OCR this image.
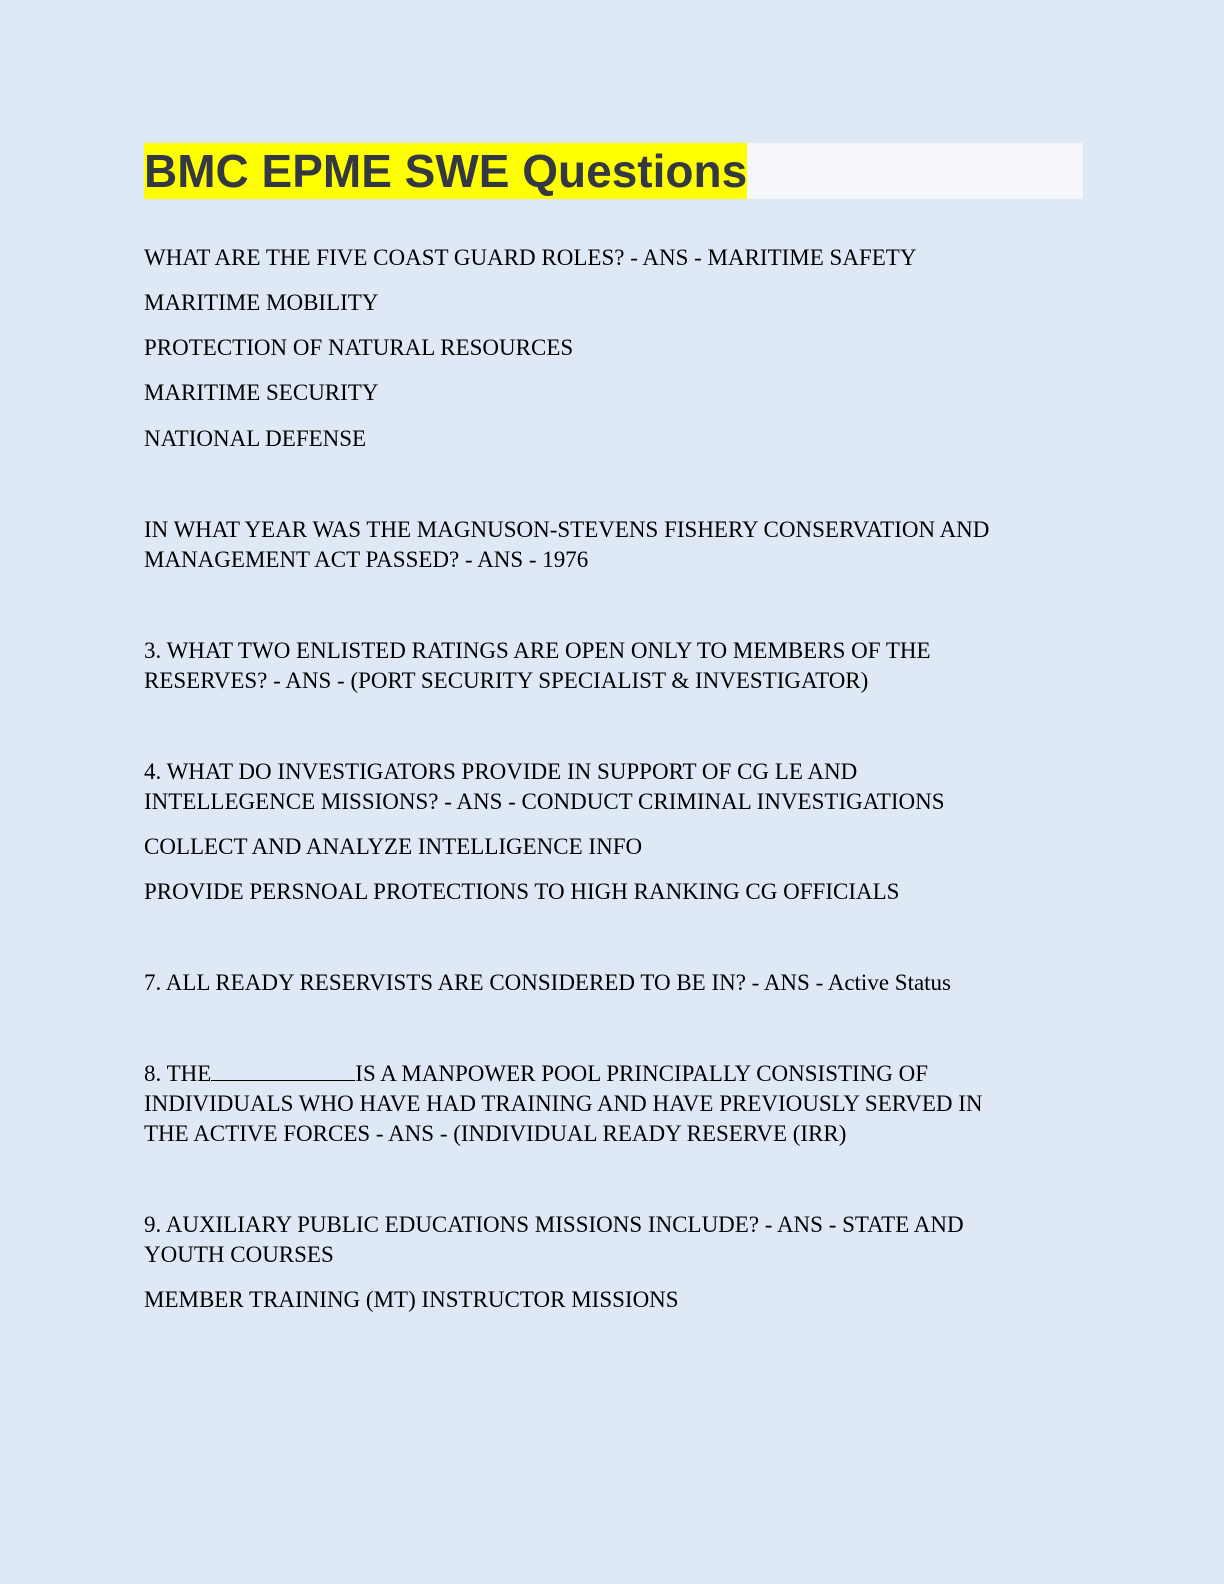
BMC EPME SWE Questions

WHAT ARE THE FIVE COAST GUARD ROLES? - ANS - MARITIME SAFETY

MARITIME MOBILITY

PROTECTION OF NATURAL RESOURCES

MARITIME SECURITY

NATIONAL DEFENSE

IN WHAT YEAR WAS THE MAGNUSON-STEVENS FISHERY CONSERVATION AND

MANAGEMENT ACT PASSED? - ANS - 1976

3. WHAT TWO ENLISTED RATINGS ARE OPEN ONLY TO MEMBERS OF THE

RESERVES? - ANS - (PORT SECURITY SPECIALIST & INVESTIGATOR)

4. WHAT DO INVESTIGATORS PROVIDE IN SUPPORT OF CG LE AND

INTELLEGENCE MISSIONS? - ANS - CONDUCT CRIMINAL INVESTIGATIONS

COLLECT AND ANALYZE INTELLIGENCE INFO

PROVIDE PERSNOAL PROTECTIONS TO HIGH RANKING CG OFFICIALS

7. ALL READY RESERVISTS ARE CONSIDERED TO BE IN? - ANS - Active Status

8. THE	IS A MANPOWER POOL PRINCIPALLY CONSISTING OF

INDIVIDUALS WHO HAVE HAD TRAINING AND HAVE PREVIOUSLY SERVED IN

THE ACTIVE FORCES - ANS - (INDIVIDUAL READY RESERVE (IRR)

9. AUXILIARY PUBLIC EDUCATIONS MISSIONS INCLUDE? - ANS - STATE AND

YOUTH COURSES

MEMBER TRAINING (MT) INSTRUCTOR MISSIONS
